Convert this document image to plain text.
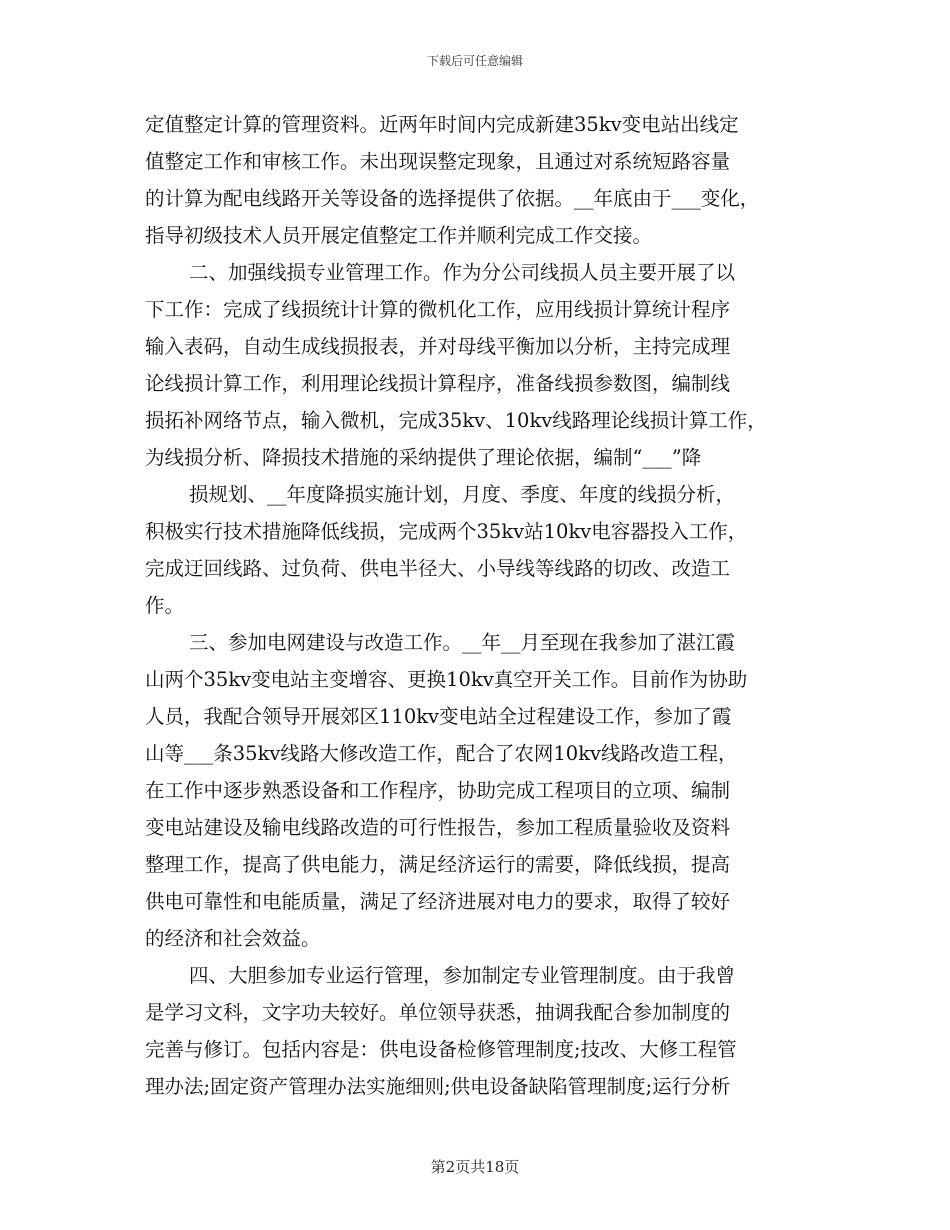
下载后可任意编辑
定值整定计算的管理资料。近两年时间内完成新建35kv变电站出线定
值整定工作和审核工作。未出现误整定现象，且通过对系统短路容量
的计算为配电线路开关等设备的选择提供了依据。__年底由于___变化，
指导初级技术人员开展定值整定工作并顺利完成工作交接。
二、加强线损专业管理工作。作为分公司线损人员主要开展了以
下工作：完成了线损统计计算的微机化工作，应用线损计算统计程序
输入表码，自动生成线损报表，并对母线平衡加以分析，主持完成理
论线损计算工作，利用理论线损计算程序，准备线损参数图，编制线
损拓补网络节点，输入微机，完成35kv、10kv线路理论线损计算工作，
为线损分析、降损技术措施的采纳提供了理论依据，编制“___”降
损规划、__年度降损实施计划，月度、季度、年度的线损分析，
积极实行技术措施降低线损，完成两个35kv站10kv电容器投入工作，
完成迂回线路、过负荷、供电半径大、小导线等线路的切改、改造工
作。
三、参加电网建设与改造工作。__年__月至现在我参加了湛江霞
山两个35kv变电站主变增容、更换10kv真空开关工作。目前作为协助
人员，我配合领导开展郊区110kv变电站全过程建设工作，参加了霞
山等___条35kv线路大修改造工作，配合了农网10kv线路改造工程，
在工作中逐步熟悉设备和工作程序，协助完成工程项目的立项、编制
变电站建设及输电线路改造的可行性报告，参加工程质量验收及资料
整理工作，提高了供电能力，满足经济运行的需要，降低线损，提高
供电可靠性和电能质量，满足了经济进展对电力的要求，取得了较好
的经济和社会效益。
四、大胆参加专业运行管理，参加制定专业管理制度。由于我曾
是学习文科，文字功夫较好。单位领导获悉，抽调我配合参加制度的
完善与修订。包括内容是：供电设备检修管理制度;技改、大修工程管
理办法;固定资产管理办法实施细则;供电设备缺陷管理制度;运行分析
第2页共18页
